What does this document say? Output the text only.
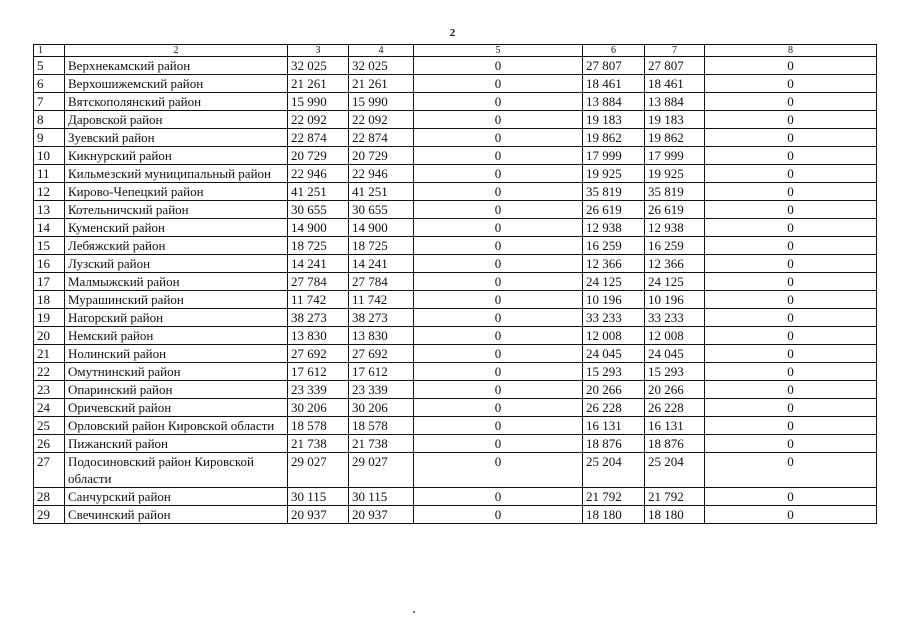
2
1	2	3	4	5	6	7	8
5	Верхнекамский район	32 025	32 025	0	27 807	27 807	0
6	Верхошижемский район	21 261	21 261	0	18 461	18 461	0
7	Вятскополянский район	15 990	15 990	0	13 884	13 884	0
8	Даровской район	22 092	22 092	0	19 183	19 183	0
9	Зуевский район	22 874	22 874	0	19 862	19 862	0
10	Кикнурский район	20 729	20 729	0	17 999	17 999	0
11	Кильмезский муниципальный район	22 946	22 946	0	19 925	19 925	0
12	Кирово-Чепецкий район	41 251	41 251	0	35 819	35 819	0
13	Котельничский район	30 655	30 655	0	26 619	26 619	0
14	Куменский район	14 900	14 900	0	12 938	12 938	0
15	Лебяжский район	18 725	18 725	0	16 259	16 259	0
16	Лузский район	14 241	14 241	0	12 366	12 366	0
17	Малмыжский район	27 784	27 784	0	24 125	24 125	0
18	Мурашинский район	11 742	11 742	0	10 196	10 196	0
19	Нагорский район	38 273	38 273	0	33 233	33 233	0
20	Немский район	13 830	13 830	0	12 008	12 008	0
21	Нолинский район	27 692	27 692	0	24 045	24 045	0
22	Омутнинский район	17 612	17 612	0	15 293	15 293	0
23	Опаринский район	23 339	23 339	0	20 266	20 266	0
24	Оричевский район	30 206	30 206	0	26 228	26 228	0
25	Орловский район Кировской области	18 578	18 578	0	16 131	16 131	0
26	Пижанский район	21 738	21 738	0	18 876	18 876	0
27	Подосиновский район Кировской области	29 027	29 027	0	25 204	25 204	0
28	Санчурский район	30 115	30 115	0	21 792	21 792	0
29	Свечинский район	20 937	20 937	0	18 180	18 180	0
